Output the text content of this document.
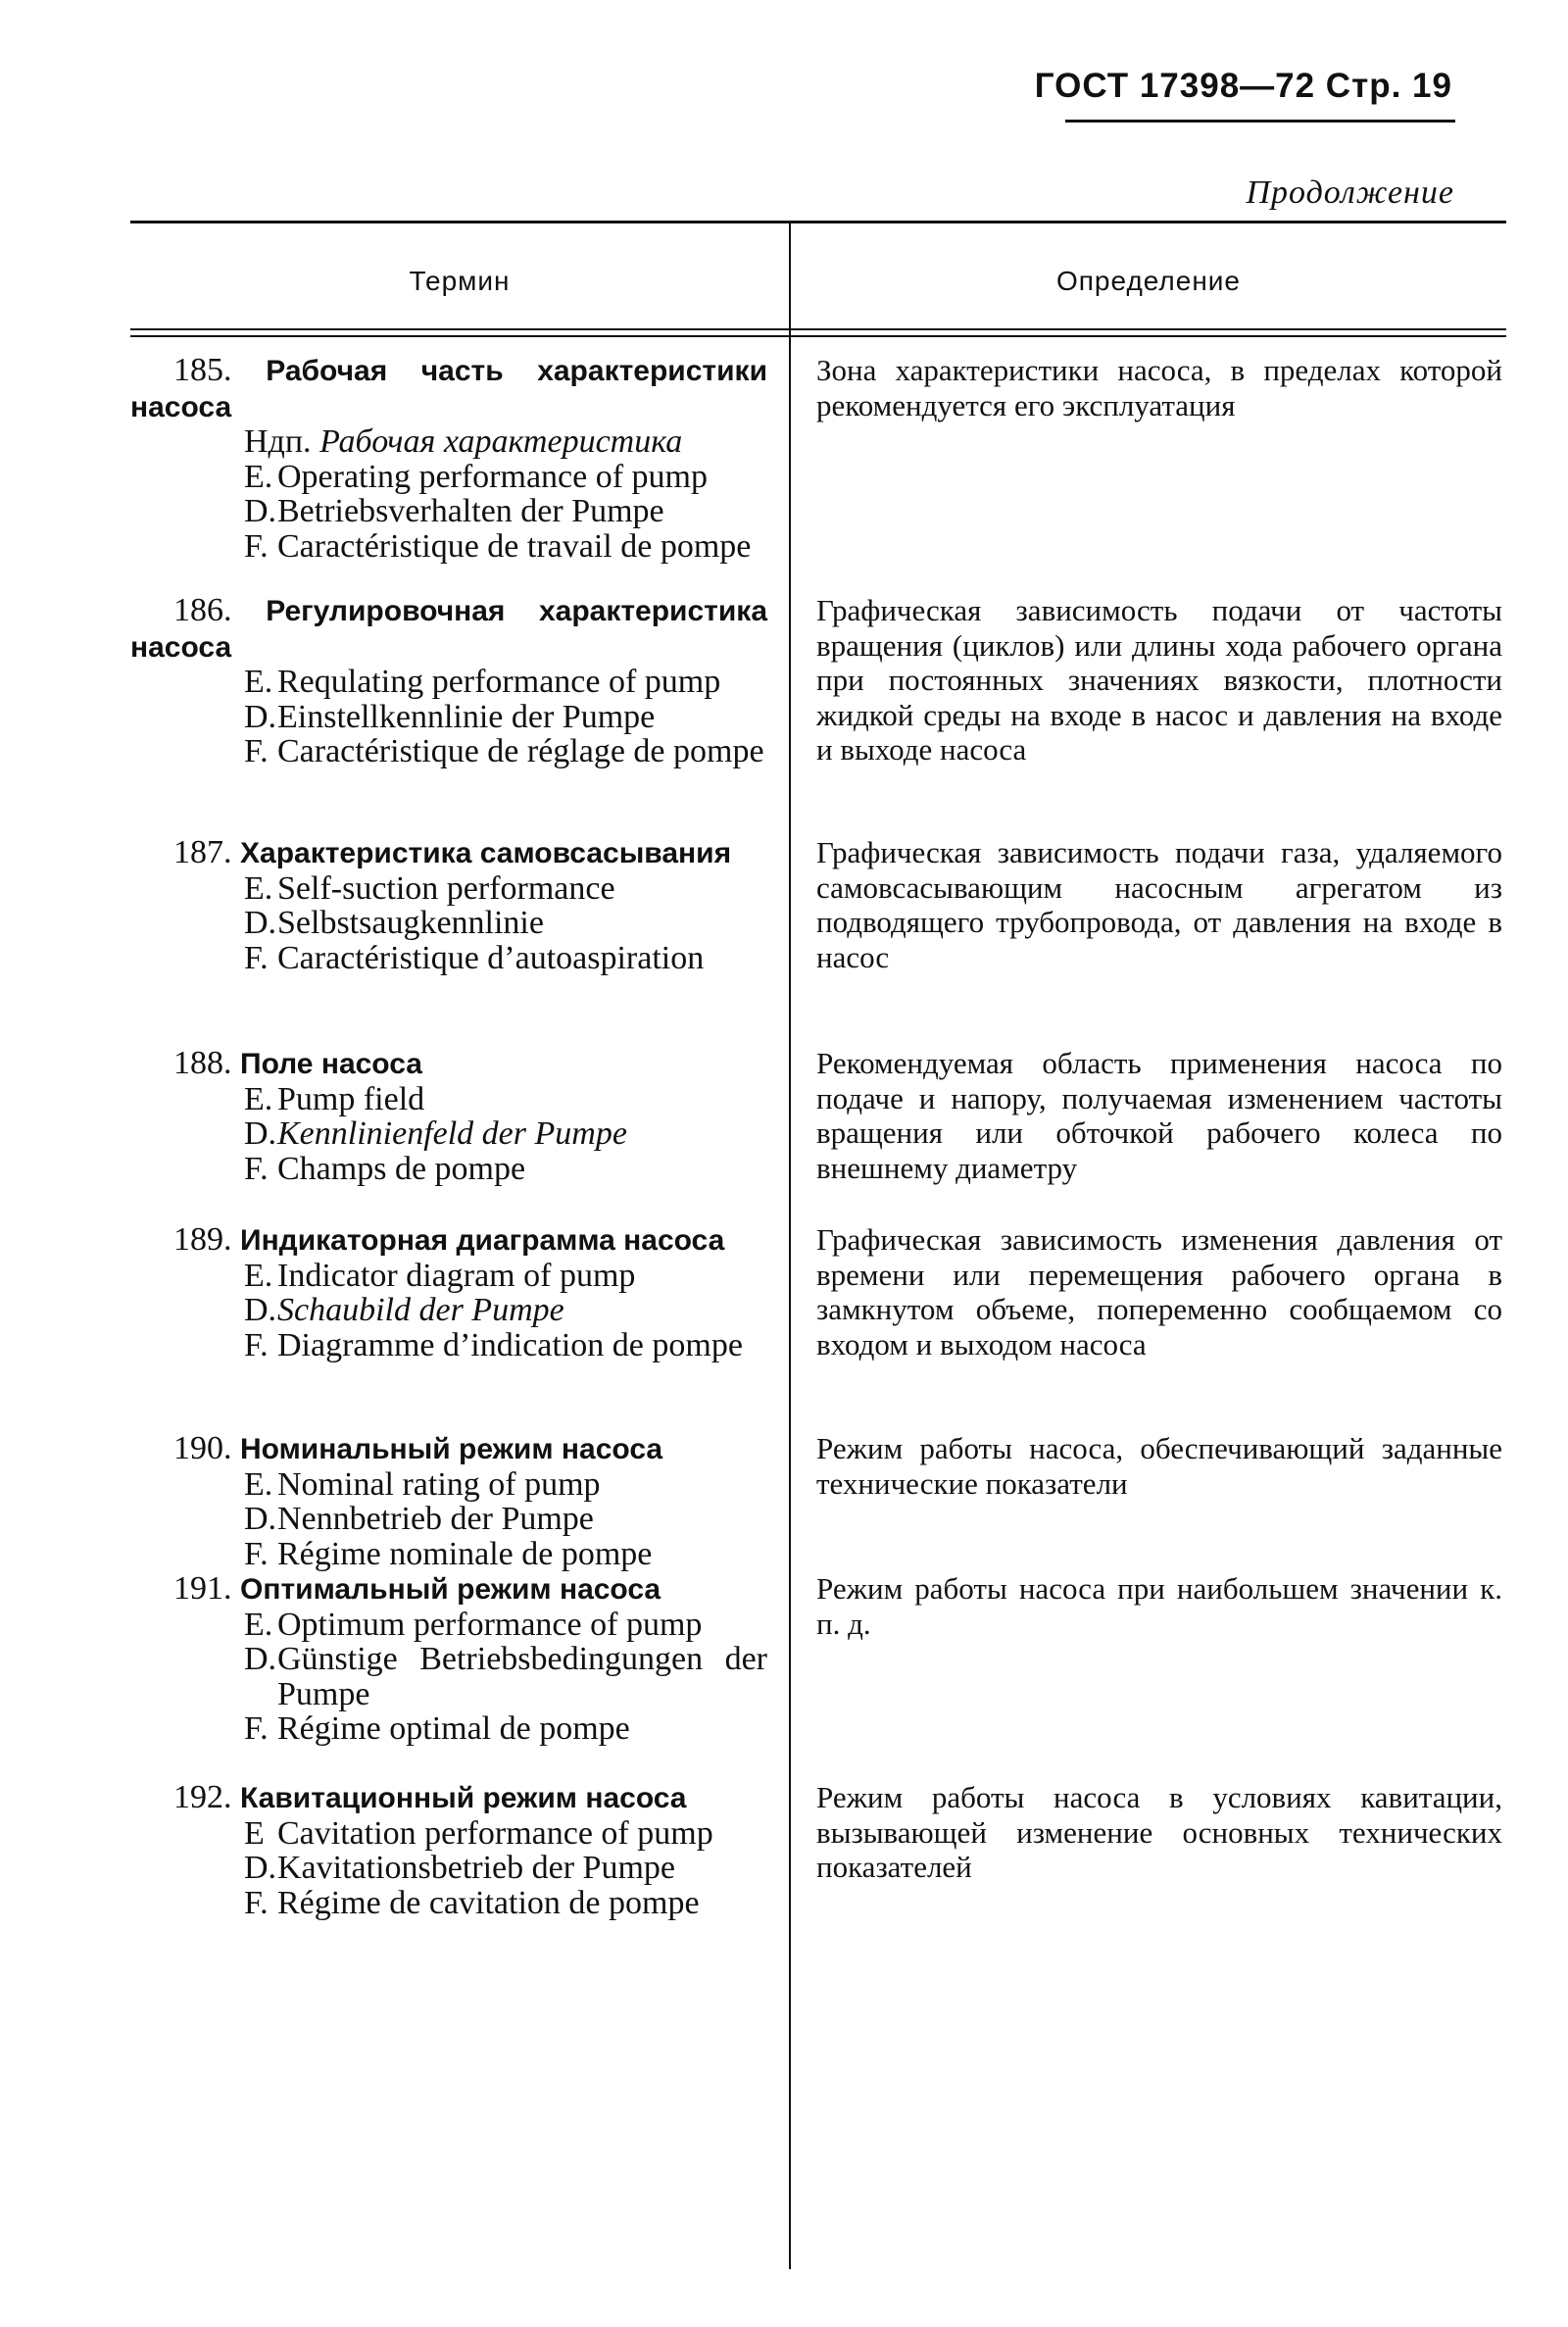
ГОСТ 17398—72 Стр. 19
Продолжение
Термин	Определение
185. Рабочая часть характеристики насоса
Ндп. Рабочая характеристика
E. Operating performance of pump
D. Betriebsverhalten der Pumpe
F. Caractéristique de travail de pompe
Зона характеристики насоса, в пределах которой рекомендуется его эксплуатация
186. Регулировочная характеристика насоса
E. Requlating performance of pump
D. Einstellkennlinie der Pumpe
F. Caractéristique de réglage de pompe
Графическая зависимость подачи от частоты вращения (циклов) или длины хода рабочего органа при постоянных значениях вязкости, плотности жидкой среды на входе в насос и давления на входе и выходе насоса
187. Характеристика самовсасывания
E. Self-suction performance
D. Selbstsaugkennlinie
F. Caractéristique d’autoaspiration
Графическая зависимость подачи газа, удаляемого самовсасывающим насосным агрегатом из подводящего трубопровода, от давления на входе в насос
188. Поле насоса
E. Pump field
D. Kennlinienfeld der Pumpe
F. Champs de pompe
Рекомендуемая область применения насоса по подаче и напору, получаемая изменением частоты вращения или обточкой рабочего колеса по внешнему диаметру
189. Индикаторная диаграмма насоса
E. Indicator diagram of pump
D. Schaubild der Pumpe
F. Diagramme d’indication de pompe
Графическая зависимость изменения давления от времени или перемещения рабочего органа в замкнутом объеме, попеременно сообщаемом со входом и выходом насоса
190. Номинальный режим насоса
E. Nominal rating of pump
D. Nennbetrieb der Pumpe
F. Régime nominale de pompe
Режим работы насоса, обеспечивающий заданные технические показатели
191. Оптимальный режим насоса
E. Optimum performance of pump
D. Günstige Betriebsbedingungen der Pumpe
F. Régime optimal de pompe
Режим работы насоса при наибольшем значении к. п. д.
192. Кавитационный режим насоса
E Cavitation performance of pump
D. Kavitationsbetrieb der Pumpe
F. Régime de cavitation de pompe
Режим работы насоса в условиях кавитации, вызывающей изменение основных технических показателей
